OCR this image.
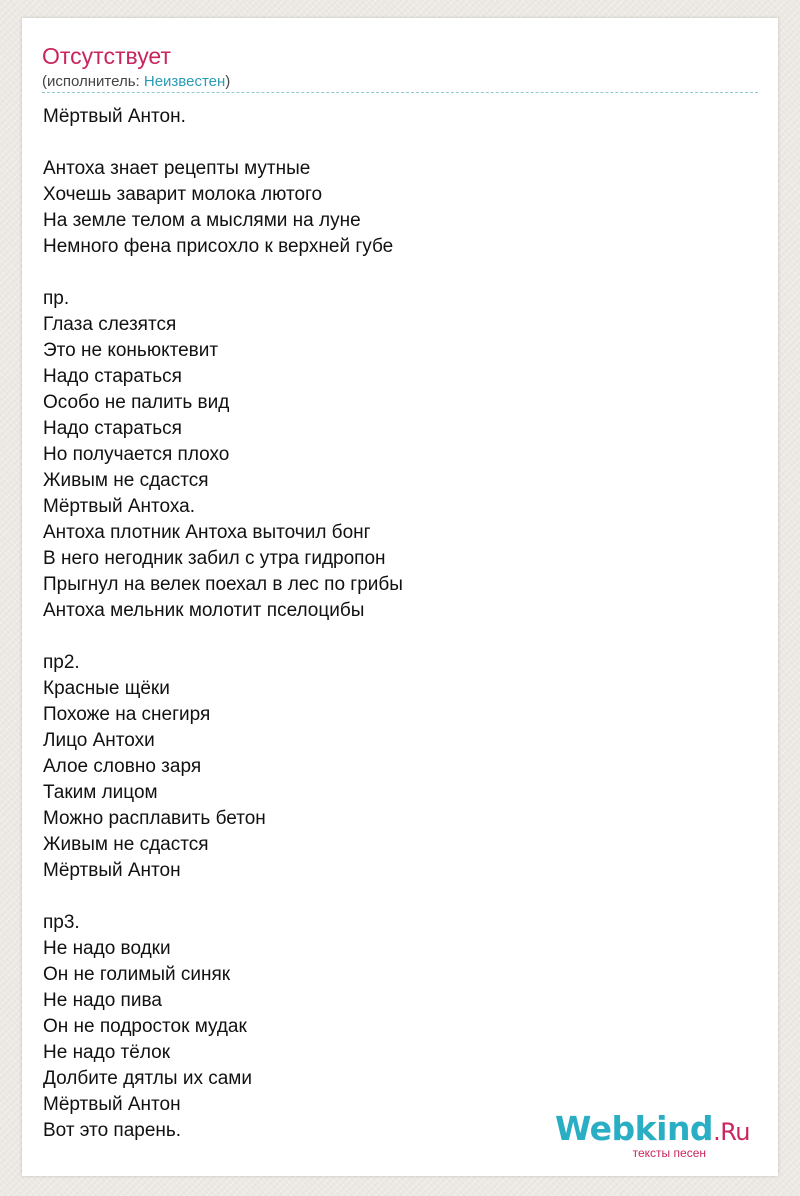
Отсутствует
(исполнитель: Неизвестен)
Мёртвый Антон.
Антоха знает рецепты мутные
Хочешь заварит молока лютого
На земле телом а мыслями на луне
Немного фена присохло к верхней губе
пр.
Глаза слезятся
Это не коньюктевит
Надо стараться
Особо не палить вид
Надо стараться
Но получается плохо
Живым не сдастся
Мёртвый Антоха.
Антоха плотник Антоха выточил бонг
В него негодник забил с утра гидропон
Прыгнул на велек поехал в лес по грибы
Антоха мельник молотит пселоцибы
пр2.
Красные щёки
Похоже на снегиря
Лицо Антохи
Алое словно заря
Таким лицом
Можно расплавить бетон
Живым не сдастся
Мёртвый Антон
пр3.
Не надо водки
Он не голимый синяк
Не надо пива
Он не подросток мудак
Не надо тёлок
Долбите дятлы их сами
Мёртвый Антон
Вот это парень.	Webkind.Ru
тексты песен
